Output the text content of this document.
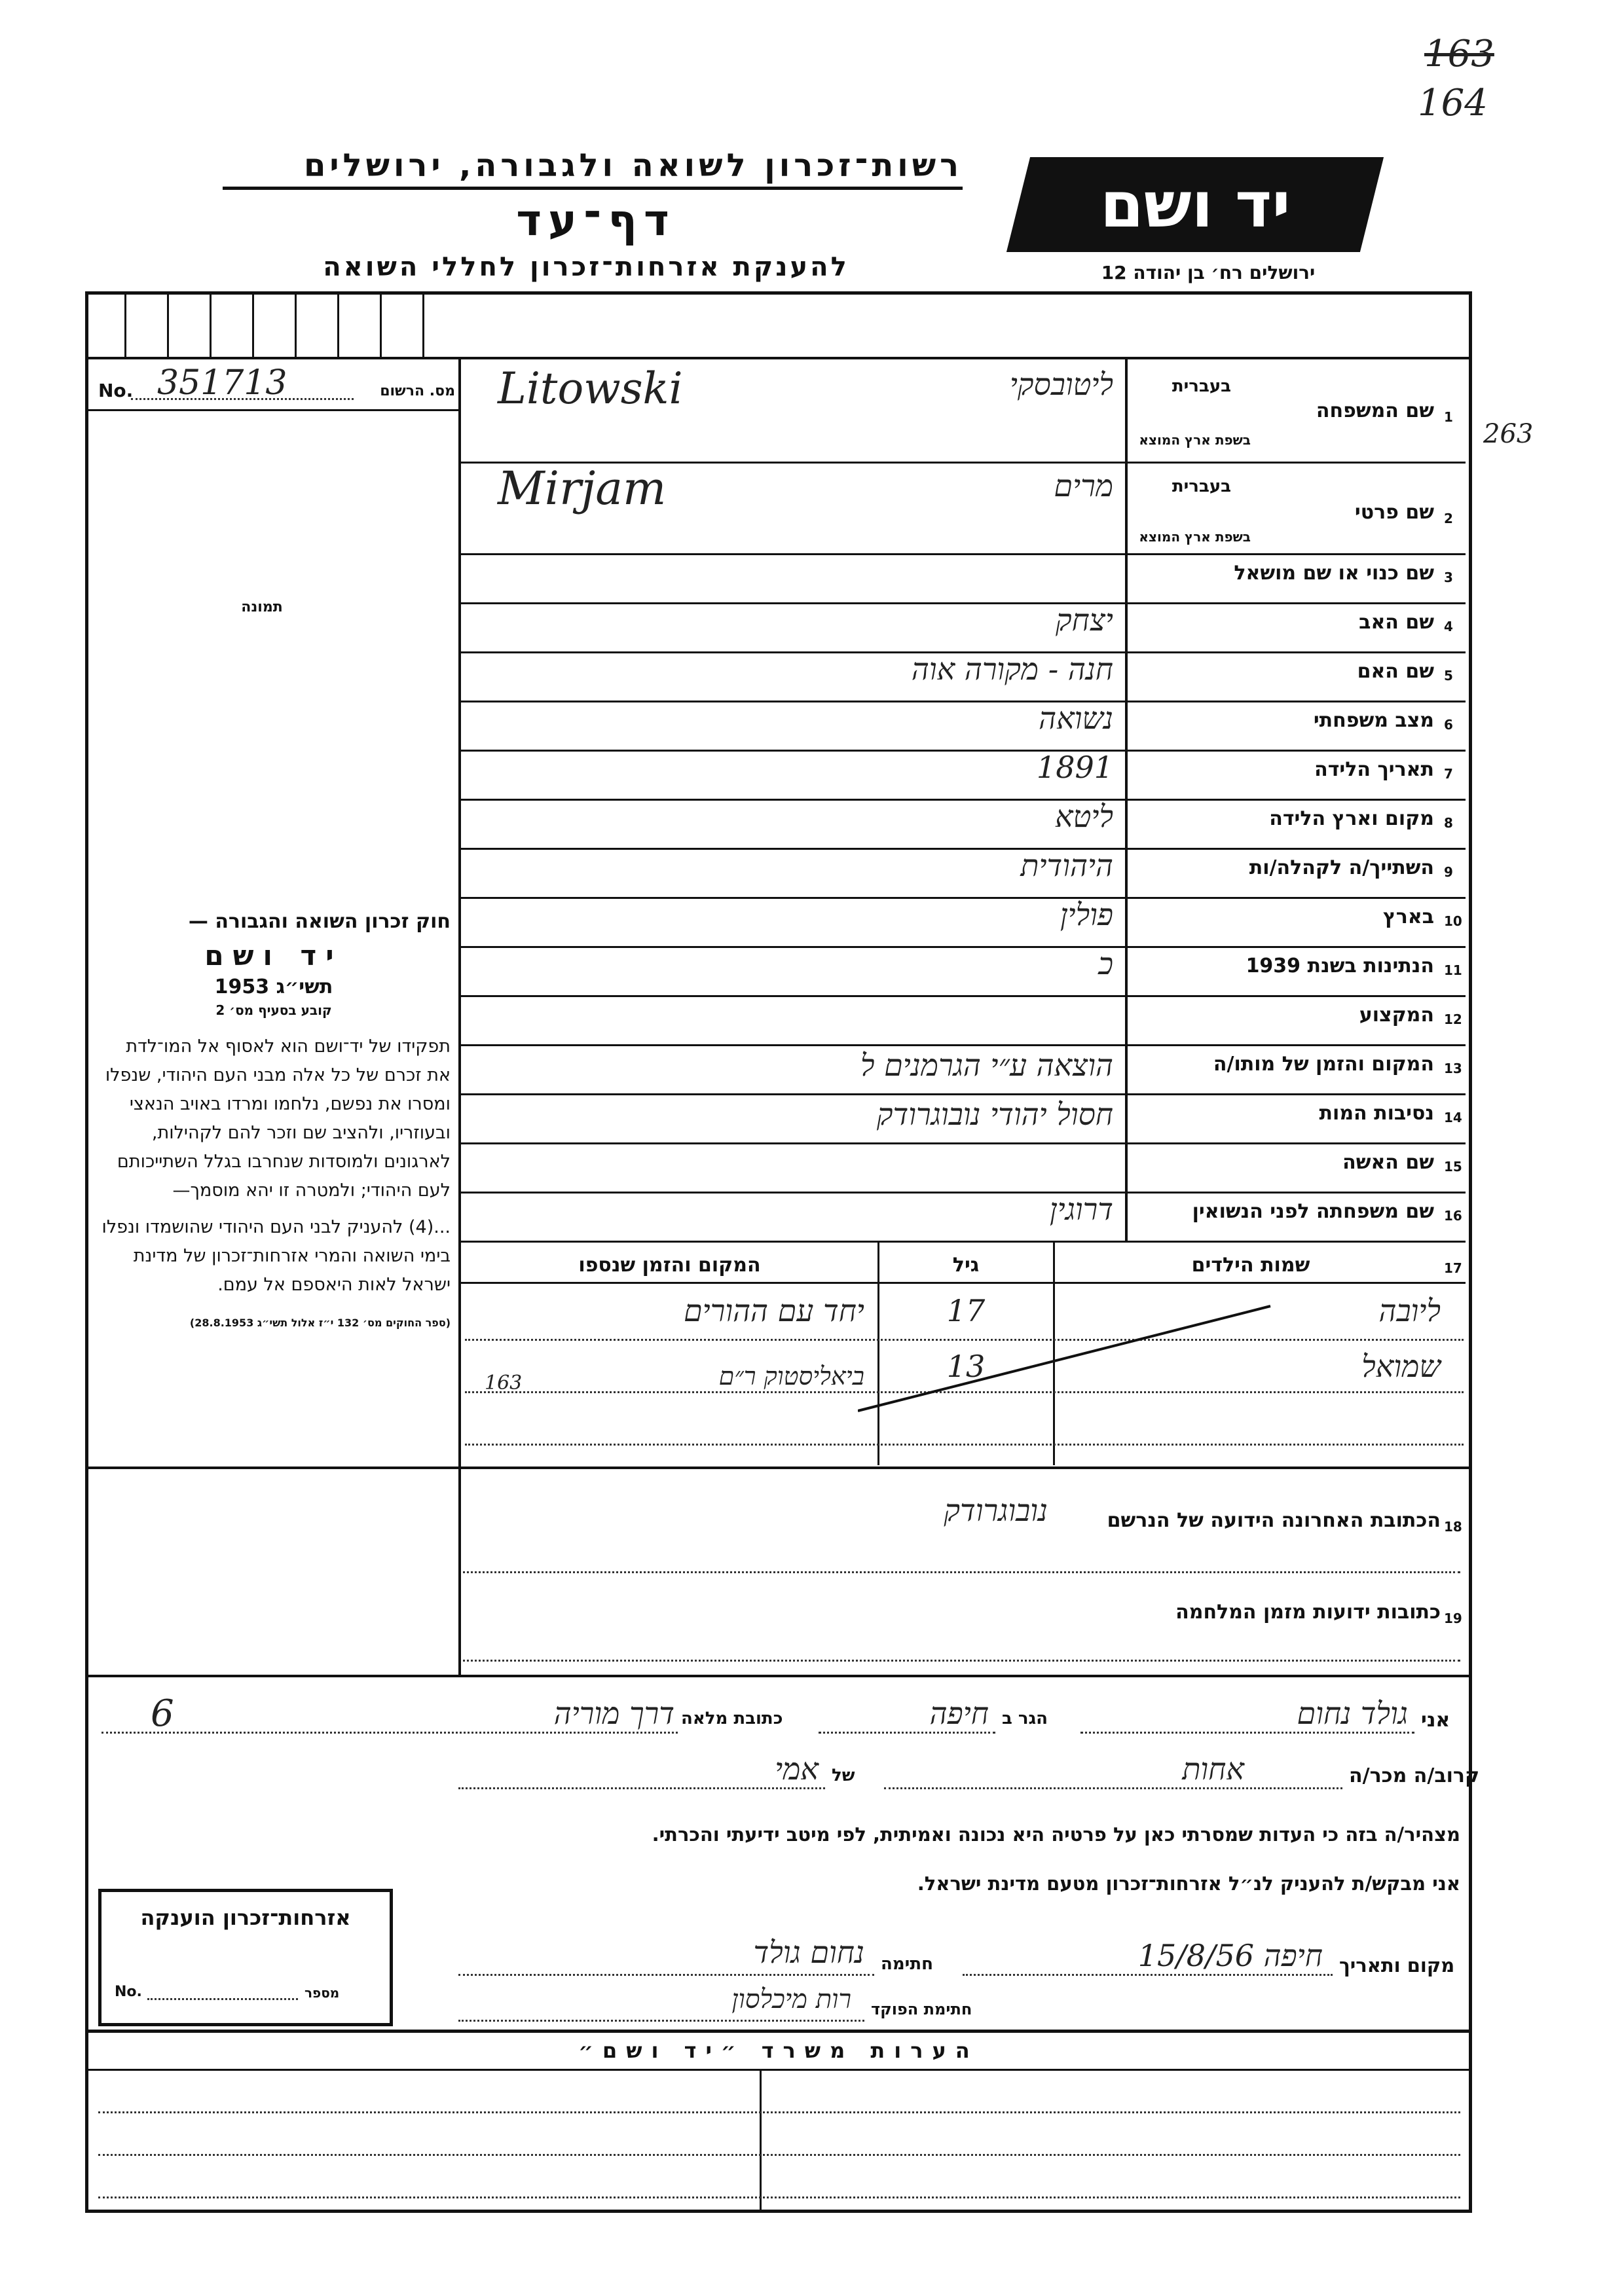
163
164
263
רשות־זכרון לשואה ולגבורה, ירושלים
דף־עד
להענקת אזרחות־זכרון לחללי השואה
יד ושם
ירושלים רח׳ בן יהודה 12
No. 351713	מס. הרשום
תמונה

חוק זכרון השואה והגבורה —

יד ושם

תשי״ג 1953

קובע בסעיף מס׳ 2

תפקידו של יד־ושם הוא לאסוף אל המו־לדת את זכרם של כל אלה מבני העם היהודי, שנפלו ומסרו את נפשם, נלחמו ומרדו באויב הנאצי ובעוזריו, ולהציב שם וזכר להם לקהילות, לארגונים ולמוסדות שנחרבו בגלל השתייכותם לעם היהודי; ולמטרה זו יהא מוסמך—

...(4) להעניק לבני העם היהודי שהושמדו ונפלו בימי השואה והמרי אזרחות־זכרון של מדינת ישראל לאות היאספם אל עמם.

(ספר החוקים מס׳ 132 י״ז אלול תשי״ג 28.8.1953)

1
שם המשפחה
בעברית
בשפת ארץ המוצא
ליטובסקי
Litowski
2
שם פרטי
בעברית
בשפת ארץ המוצא
מרים
Mirjam
3
שם כנוי או שם מושאל
4
שם האב
יצחק
5
שם האם
חנה - מקורה אוה
6
מצב משפחתי
נשואה
7
תאריך הלידה
1891
8
מקום וארץ הלידה
ליטא
9
השתייך/ה לקהלה/ות
היהודית
10
בארץ
פולין
11
הנתינות בשנת 1939
כ
12
המקצוע
13
המקום והזמן של מותו/ה
הוצאה ע״י הגרמנים ל
14
נסיבות המות
חסול יהודי נובוגרודק
15
שם האשה
16
שם משפחתה לפני הנשואין
דרוגין
17
שמות הילדים
גיל
המקום והזמן שנספו
ליובה
17
יחד עם ההורים
שמואל
13
ביאליסטוק ר״ם
163
18
הכתובת האחרונה הידועה של הנרשם
נובוגרודק
19
כתובות ידועות מזמן המלחמה
אני
גולד נחום
הגר ב
חיפה
כתובת מלאה
דרך מוריה
6
קרוב/ה מכר/ה
אחות
של
אמי
מצהיר/ה בזה כי העדות שמסרתי כאן על פרטיה היא נכונה ואמיתית, לפי מיטב ידיעתי והכרתי.
אני מבקש/ת להעניק לנ״ל אזרחות־זכרון מטעם מדינת ישראל.
מקום ותאריך
חיפה 15/8/56
חתימה
נחום גולד
חתימת הפוקד
רות מיכלסון
אזרחות־זכרון הוענקה
No.	מספר
הערות משרד ״יד ושם״
